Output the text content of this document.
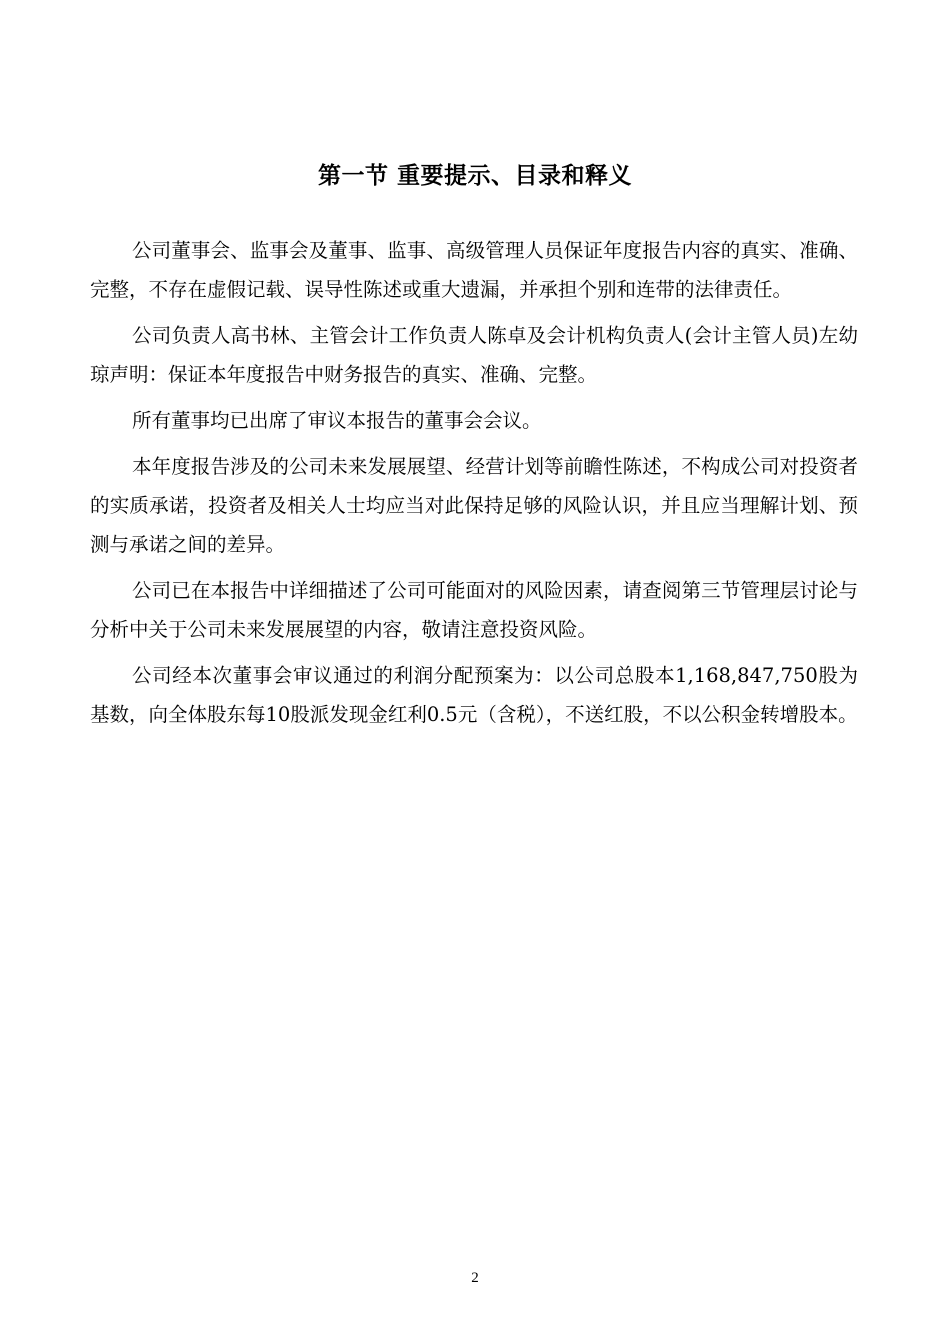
第一节 重要提示、目录和释义

公司董事会、监事会及董事、监事、高级管理人员保证年度报告内容的真实、准确、完整，不存在虚假记载、误导性陈述或重大遗漏，并承担个别和连带的法律责任。

公司负责人高书林、主管会计工作负责人陈卓及会计机构负责人(会计主管人员)左幼琼声明：保证本年度报告中财务报告的真实、准确、完整。

所有董事均已出席了审议本报告的董事会会议。

本年度报告涉及的公司未来发展展望、经营计划等前瞻性陈述，不构成公司对投资者的实质承诺，投资者及相关人士均应当对此保持足够的风险认识，并且应当理解计划、预测与承诺之间的差异。

公司已在本报告中详细描述了公司可能面对的风险因素，请查阅第三节管理层讨论与分析中关于公司未来发展展望的内容，敬请注意投资风险。

公司经本次董事会审议通过的利润分配预案为：以公司总股本1,168,847,750股为基数，向全体股东每10股派发现金红利0.5元（含税），不送红股，不以公积金转增股本。

2
